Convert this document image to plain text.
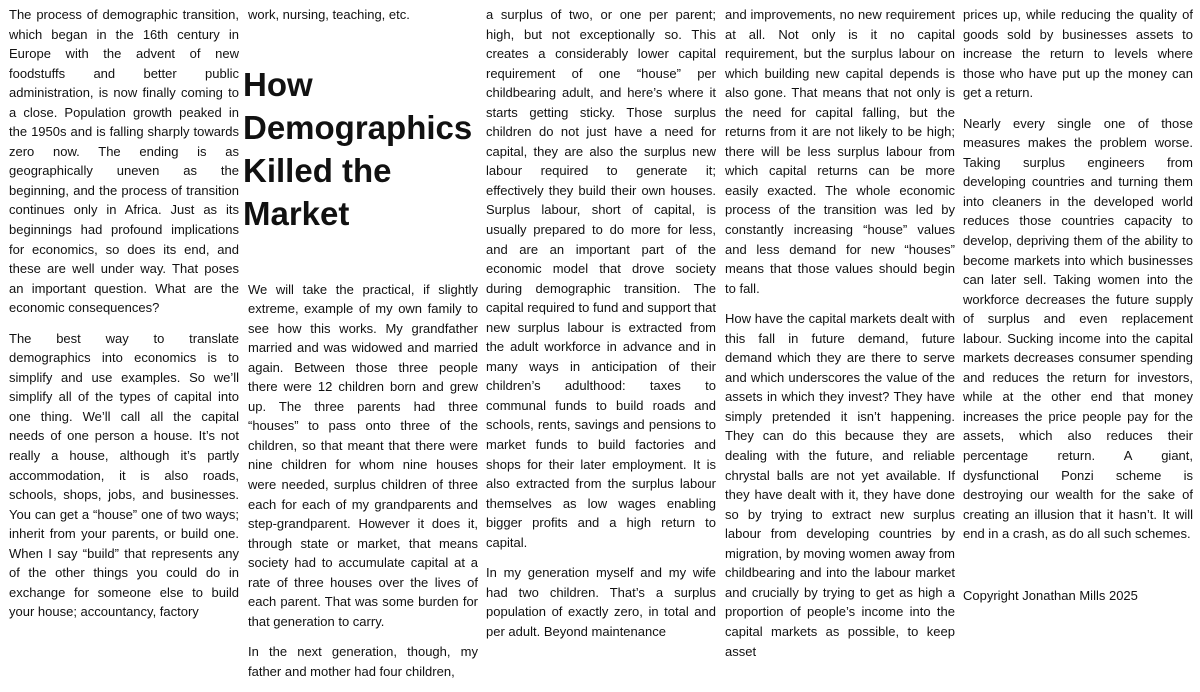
The process of demographic transition, which began in the 16th century in Europe with the advent of new foodstuffs and better public administration, is now finally coming to a close. Population growth peaked in the 1950s and is falling sharply towards zero now. The ending is as geographically uneven as the beginning, and the process of transition continues only in Africa. Just as its beginnings had profound implications for economics, so does its end, and these are well under way. That poses an important question. What are the economic consequences?

The best way to translate demographics into economics is to simplify and use examples. So we’ll simplify all of the types of capital into one thing. We’ll call all the capital needs of one person a house. It’s not really a house, although it’s partly accommodation, it is also roads, schools, shops, jobs, and businesses. You can get a “house” one of two ways; inherit from your parents, or build one. When I say “build” that represents any of the other things you could do in exchange for someone else to build your house; accountancy, factory

work, nursing, teaching, etc.

How Demographics Killed the Market

We will take the practical, if slightly extreme, example of my own family to see how this works. My grandfather married and was widowed and married again. Between those three people there were 12 children born and grew up. The three parents had three “houses” to pass onto three of the children, so that meant that there were nine children for whom nine houses were needed, surplus children of three each for each of my grandparents and step-grandparent. However it does it, through state or market, that means society had to accumulate capital at a rate of three houses over the lives of each parent. That was some burden for that generation to carry.

In the next generation, though, my father and mother had four children,

a surplus of two, or one per parent; high, but not exceptionally so. This creates a considerably lower capital requirement of one “house” per childbearing adult, and here’s where it starts getting sticky. Those surplus children do not just have a need for capital, they are also the surplus new labour required to generate it; effectively they build their own houses. Surplus labour, short of capital, is usually prepared to do more for less, and are an important part of the economic model that drove society during demographic transition. The capital required to fund and support that new surplus labour is extracted from the adult workforce in advance and in many ways in anticipation of their children’s adulthood: taxes to communal funds to build roads and schools, rents, savings and pensions to market funds to build factories and shops for their later employment. It is also extracted from the surplus labour themselves as low wages enabling bigger profits and a high return to capital.

In my generation myself and my wife had two children. That’s a surplus population of exactly zero, in total and per adult. Beyond maintenance

and improvements, no new requirement at all. Not only is it no capital requirement, but the surplus labour on which building new capital depends is also gone. That means that not only is the need for capital falling, but the returns from it are not likely to be high; there will be less surplus labour from which capital returns can be more easily exacted. The whole economic process of the transition was led by constantly increasing “house” values and less demand for new “houses” means that those values should begin to fall.

How have the capital markets dealt with this fall in future demand, future demand which they are there to serve and which underscores the value of the assets in which they invest? They have simply pretended it isn’t happening. They can do this because they are dealing with the future, and reliable chrystal balls are not yet available. If they have dealt with it, they have done so by trying to extract new surplus labour from developing countries by migration, by moving women away from childbearing and into the labour market and crucially by trying to get as high a proportion of people’s income into the capital markets as possible, to keep asset

prices up, while reducing the quality of goods sold by businesses assets to increase the return to levels where those who have put up the money can get a return.

Nearly every single one of those measures makes the problem worse. Taking surplus engineers from developing countries and turning them into cleaners in the developed world reduces those countries capacity to develop, depriving them of the ability to become markets into which businesses can later sell. Taking women into the workforce decreases the future supply of surplus and even replacement labour. Sucking income into the capital markets decreases consumer spending and reduces the return for investors, while at the other end that money increases the price people pay for the assets, which also reduces their percentage return. A giant, dysfunctional Ponzi scheme is destroying our wealth for the sake of creating an illusion that it hasn’t. It will end in a crash, as do all such schemes.

Copyright Jonathan Mills 2025
